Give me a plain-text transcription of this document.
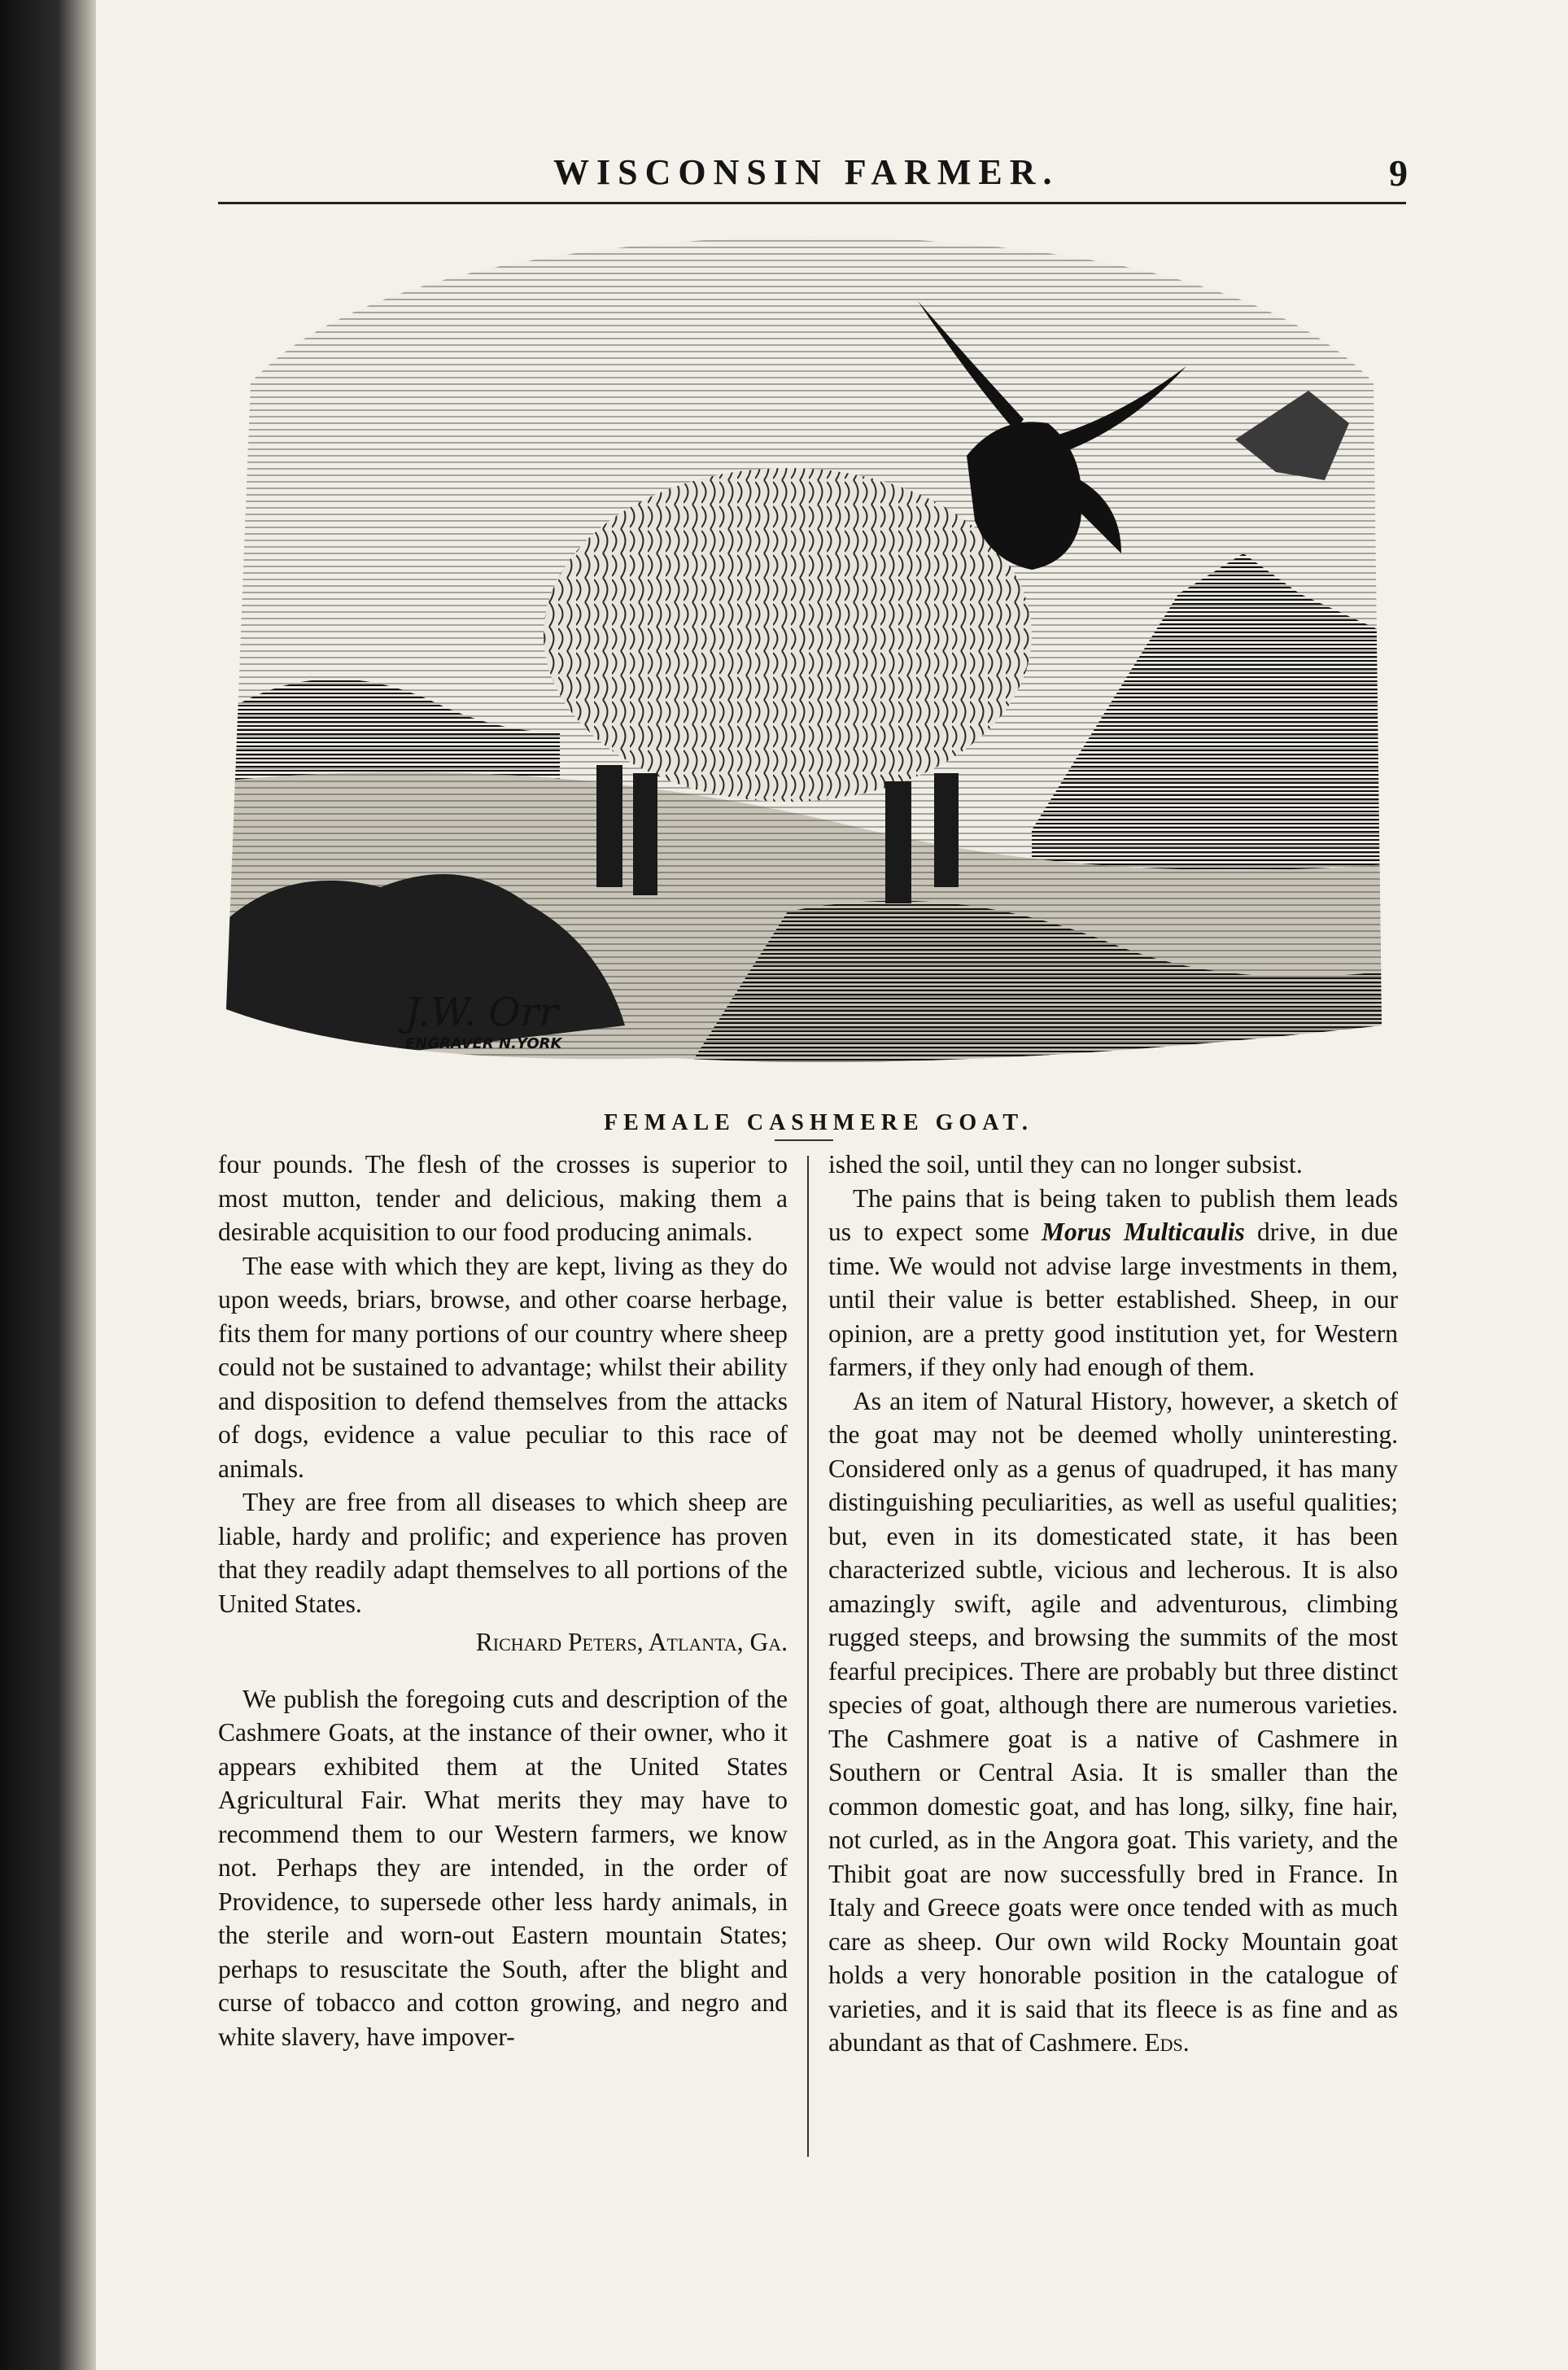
WISCONSIN FARMER.	9
J.W. Orr
ENGRAVER N.YORK
FEMALE CASHMERE GOAT.

four pounds. The flesh of the crosses is superior to most mutton, tender and delicious, making them a desirable acquisition to our food producing animals.

The ease with which they are kept, living as they do upon weeds, briars, browse, and other coarse herbage, fits them for many portions of our country where sheep could not be sustained to advantage; whilst their ability and disposition to defend themselves from the attacks of dogs, evidence a value peculiar to this race of animals.

They are free from all diseases to which sheep are liable, hardy and prolific; and experience has proven that they readily adapt themselves to all portions of the United States.

Richard Peters, Atlanta, Ga.

We publish the foregoing cuts and description of the Cashmere Goats, at the instance of their owner, who it appears exhibited them at the United States Agricultural Fair. What merits they may have to recommend them to our Western farmers, we know not. Perhaps they are intended, in the order of Providence, to supersede other less hardy animals, in the sterile and worn-out Eastern mountain States; perhaps to resuscitate the South, after the blight and curse of tobacco and cotton growing, and negro and white slavery, have impover-

ished the soil, until they can no longer subsist.

The pains that is being taken to publish them leads us to expect some Morus Multicaulis drive, in due time. We would not advise large investments in them, until their value is better established. Sheep, in our opinion, are a pretty good institution yet, for Western farmers, if they only had enough of them.

As an item of Natural History, however, a sketch of the goat may not be deemed wholly uninteresting. Considered only as a genus of quadruped, it has many distinguishing peculiarities, as well as useful qualities; but, even in its domesticated state, it has been characterized subtle, vicious and lecherous. It is also amazingly swift, agile and adventurous, climbing rugged steeps, and browsing the summits of the most fearful precipices. There are probably but three distinct species of goat, although there are numerous varieties. The Cashmere goat is a native of Cashmere in Southern or Central Asia. It is smaller than the common domestic goat, and has long, silky, fine hair, not curled, as in the Angora goat. This variety, and the Thibit goat are now successfully bred in France. In Italy and Greece goats were once tended with as much care as sheep. Our own wild Rocky Mountain goat holds a very honorable position in the catalogue of varieties, and it is said that its fleece is as fine and as abundant as that of Cashmere. Eds.
